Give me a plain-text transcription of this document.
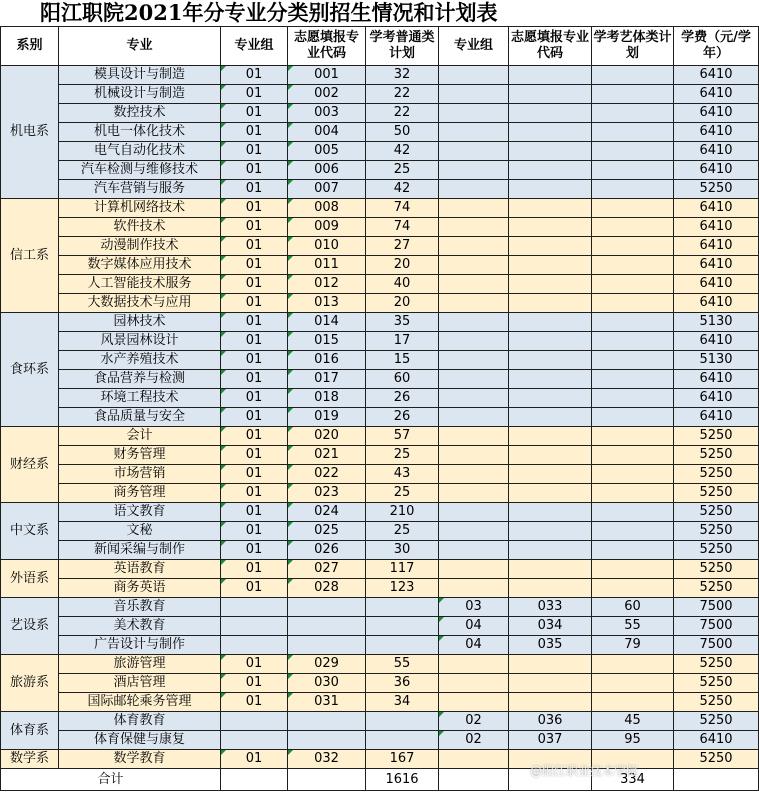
阳江职院2021年分专业分类别招生情况和计划表
系别	专业	专业组	志愿填报专业代码	学考普通类计划	专业组	志愿填报专业代码	学考艺体类计划	学费（元/学年）
机电系	模具设计与制造	01	001	32				6410
	机械设计与制造	01	002	22				6410
	数控技术	01	003	22				6410
	机电一体化技术	01	004	50				6410
	电气自动化技术	01	005	42				6410
	汽车检测与维修技术	01	006	25				6410
	汽车营销与服务	01	007	42				5250
信工系	计算机网络技术	01	008	74				6410
	软件技术	01	009	74				6410
	动漫制作技术	01	010	27				6410
	数字媒体应用技术	01	011	20				6410
	人工智能技术服务	01	012	40				6410
	大数据技术与应用	01	013	20				6410
食环系	园林技术	01	014	35				5130
	风景园林设计	01	015	17				6410
	水产养殖技术	01	016	15				5130
	食品营养与检测	01	017	60				6410
	环境工程技术	01	018	26				6410
	食品质量与安全	01	019	26				6410
财经系	会计	01	020	57				5250
	财务管理	01	021	25				5250
	市场营销	01	022	43				5250
	商务管理	01	023	25				5250
中文系	语文教育	01	024	210				5250
	文秘	01	025	25				5250
	新闻采编与制作	01	026	30				5250
外语系	英语教育	01	027	117				5250
	商务英语	01	028	123				5250
艺设系	音乐教育				03	033	60	7500
	美术教育				04	034	55	7500
	广告设计与制作				04	035	79	7500
旅游系	旅游管理	01	029	55				5250
	酒店管理	01	030	36				5250
	国际邮轮乘务管理	01	031	34				5250
体育系	体育教育				02	036	45	5250
	体育保健与康复				02	037	95	6410
数学系	数学教育	01	032	167				5250
合计				1616			334	
@阳江职业技术学院
